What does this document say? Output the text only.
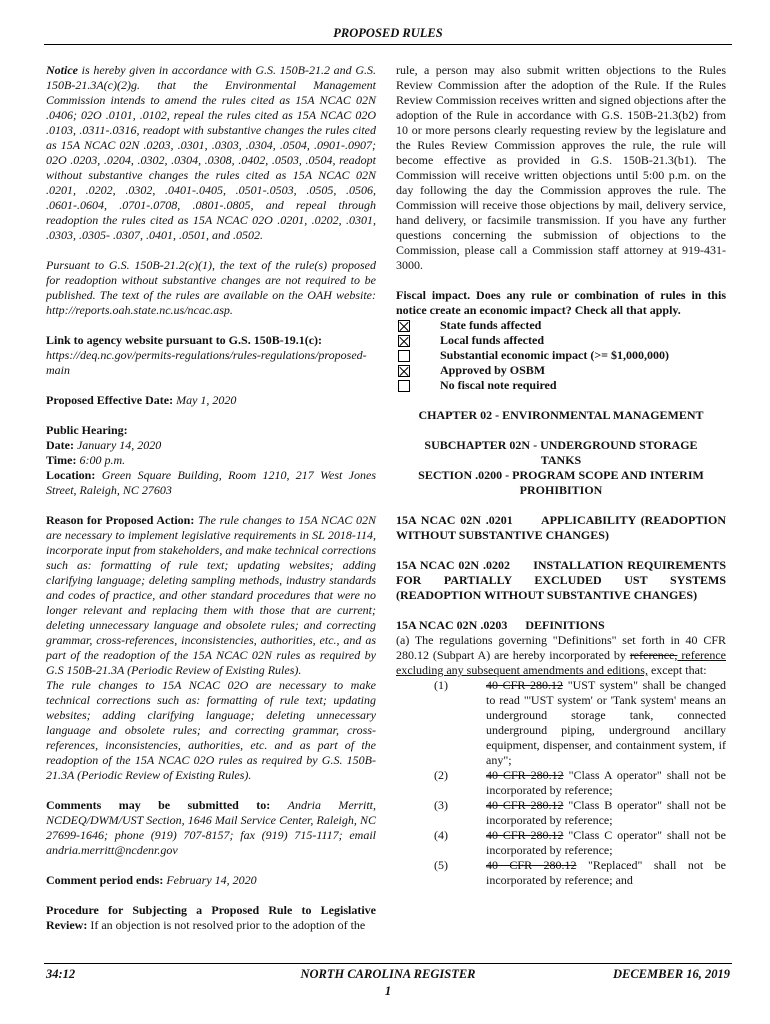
PROPOSED RULES

Notice is hereby given in accordance with G.S. 150B-21.2 and G.S. 150B-21.3A(c)(2)g. that the Environmental Management Commission intends to amend the rules cited as 15A NCAC 02N .0406; 02O .0101, .0102, repeal the rules cited as 15A NCAC 02O .0103, .0311-.0316, readopt with substantive changes the rules cited as 15A NCAC 02N .0203, .0301, .0303, .0304, .0504, .0901-.0907; 02O .0203, .0204, .0302, .0304, .0308, .0402, .0503, .0504, readopt without substantive changes the rules cited as 15A NCAC 02N .0201, .0202, .0302, .0401-.0405, .0501-.0503, .0505, .0506, .0601-.0604, .0701-.0708, .0801-.0805, and repeal through readoption the rules cited as 15A NCAC 02O .0201, .0202, .0301, .0303, .0305- .0307, .0401, .0501, and .0502.

Pursuant to G.S. 150B-21.2(c)(1), the text of the rule(s) proposed for readoption without substantive changes are not required to be published. The text of the rules are available on the OAH website: http://reports.oah.state.nc.us/ncac.asp.

Link to agency website pursuant to G.S. 150B-19.1(c):
https://deq.nc.gov/permits-regulations/rules-regulations/proposed-main

Proposed Effective Date: May 1, 2020

Public Hearing:

Date: January 14, 2020

Time: 6:00 p.m.

Location: Green Square Building, Room 1210, 217 West Jones Street, Raleigh, NC 27603

Reason for Proposed Action: The rule changes to 15A NCAC 02N are necessary to implement legislative requirements in SL 2018-114, incorporate input from stakeholders, and make technical corrections such as: formatting of rule text; updating websites; adding clarifying language; deleting sampling methods, industry standards and codes of practice, and other standard procedures that were no longer relevant and replacing them with those that are current; deleting unnecessary language and obsolete rules; and correcting grammar, cross-references, inconsistencies, authorities, etc., and as part of the readoption of the 15A NCAC 02N rules as required by G.S 150B-21.3A (Periodic Review of Existing Rules).

The rule changes to 15A NCAC 02O are necessary to make technical corrections such as: formatting of rule text; updating websites; adding clarifying language; deleting unnecessary language and obsolete rules; and correcting grammar, cross-references, inconsistencies, authorities, etc. and as part of the readoption of the 15A NCAC 02O rules as required by G.S. 150B-21.3A (Periodic Review of Existing Rules).

Comments may be submitted to: Andria Merritt, NCDEQ/DWM/UST Section, 1646 Mail Service Center, Raleigh, NC 27699-1646; phone (919) 707-8157; fax (919) 715-1117; email andria.merritt@ncdenr.gov

Comment period ends: February 14, 2020

Procedure for Subjecting a Proposed Rule to Legislative Review: If an objection is not resolved prior to the adoption of the

rule, a person may also submit written objections to the Rules Review Commission after the adoption of the Rule. If the Rules Review Commission receives written and signed objections after the adoption of the Rule in accordance with G.S. 150B-21.3(b2) from 10 or more persons clearly requesting review by the legislature and the Rules Review Commission approves the rule, the rule will become effective as provided in G.S. 150B-21.3(b1). The Commission will receive written objections until 5:00 p.m. on the day following the day the Commission approves the rule. The Commission will receive those objections by mail, delivery service, hand delivery, or facsimile transmission. If you have any further questions concerning the submission of objections to the Commission, please call a Commission staff attorney at 919-431-3000.

Fiscal impact. Does any rule or combination of rules in this notice create an economic impact? Check all that apply.

State funds affected
Local funds affected
Substantial economic impact (>= $1,000,000)
Approved by OSBM
No fiscal note required

CHAPTER 02 - ENVIRONMENTAL MANAGEMENT

SUBCHAPTER 02N - UNDERGROUND STORAGE

TANKS

SECTION .0200 - PROGRAM SCOPE AND INTERIM

PROHIBITION

15A NCAC 02N .0201      APPLICABILITY (READOPTION WITHOUT SUBSTANTIVE CHANGES)

15A NCAC 02N .0202      INSTALLATION REQUIREMENTS FOR PARTIALLY EXCLUDED UST SYSTEMS (READOPTION WITHOUT SUBSTANTIVE CHANGES)

15A NCAC 02N .0203      DEFINITIONS

(a) The regulations governing "Definitions" set forth in 40 CFR 280.12 (Subpart A) are hereby incorporated by reference, reference excluding any subsequent amendments and editions, except that:

(1)	40 CFR 280.12 "UST system" shall be changed to read "'UST system' or 'Tank system' means an underground storage tank, connected underground piping, underground ancillary equipment, dispenser, and containment system, if any";
(2)	40 CFR 280.12 "Class A operator" shall not be incorporated by reference;
(3)	40 CFR 280.12 "Class B operator" shall not be incorporated by reference;
(4)	40 CFR 280.12 "Class C operator" shall not be incorporated by reference;
(5)	40 CFR 280.12 "Replaced" shall not be incorporated by reference; and
34:12	NORTH CAROLINA REGISTER	DECEMBER 16, 2019
1
